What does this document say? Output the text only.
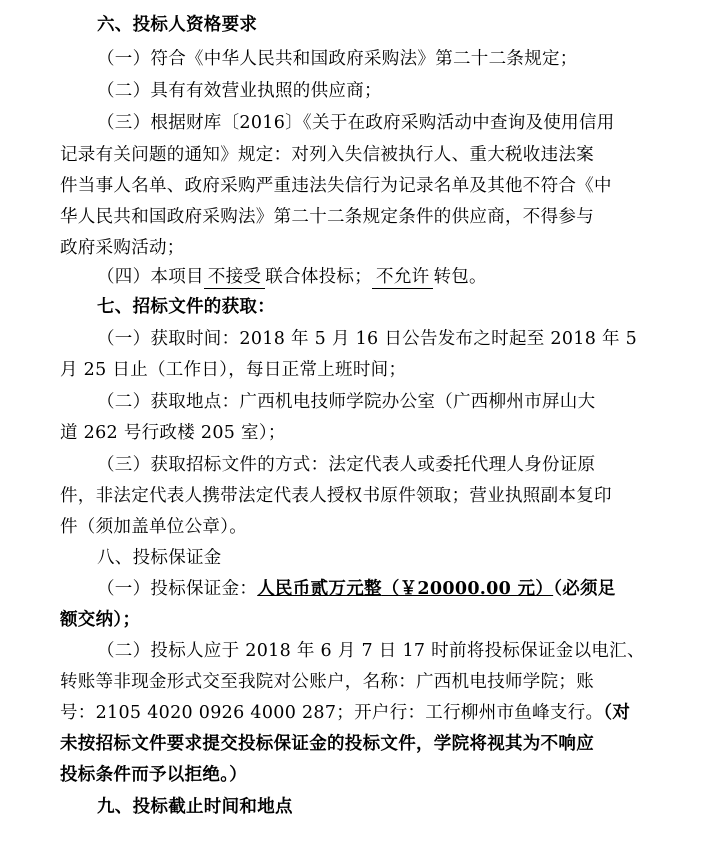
六、投标人资格要求
（一）符合《中华人民共和国政府采购法》第二十二条规定；
（二）具有有效营业执照的供应商；
（三）根据财库〔2016〕《关于在政府采购活动中查询及使用信用
记录有关问题的通知》规定：对列入失信被执行人、重大税收违法案
件当事人名单、政府采购严重违法失信行为记录名单及其他不符合《中
华人民共和国政府采购法》第二十二条规定条件的供应商，不得参与
政府采购活动；
（四）本项目 不接受 联合体投标； 不允许 转包。
七、招标文件的获取：
（一）获取时间：2018 年 5 月 16 日公告发布之时起至 2018 年 5
月 25 日止（工作日），每日正常上班时间；
（二）获取地点：广西机电技师学院办公室（广西柳州市屏山大
道 262 号行政楼 205 室）；
（三）获取招标文件的方式：法定代表人或委托代理人身份证原
件，非法定代表人携带法定代表人授权书原件领取；营业执照副本复印
件（须加盖单位公章）。
八、投标保证金
（一）投标保证金：人民币贰万元整（￥20000.00 元）（必须足
额交纳）；
（二）投标人应于 2018 年 6 月 7 日 17 时前将投标保证金以电汇、
转账等非现金形式交至我院对公账户，名称：广西机电技师学院；账
号：2105 4020 0926 4000 287；开户行：工行柳州市鱼峰支行。（对
未按招标文件要求提交投标保证金的投标文件，学院将视其为不响应
投标条件而予以拒绝。）
九、投标截止时间和地点
